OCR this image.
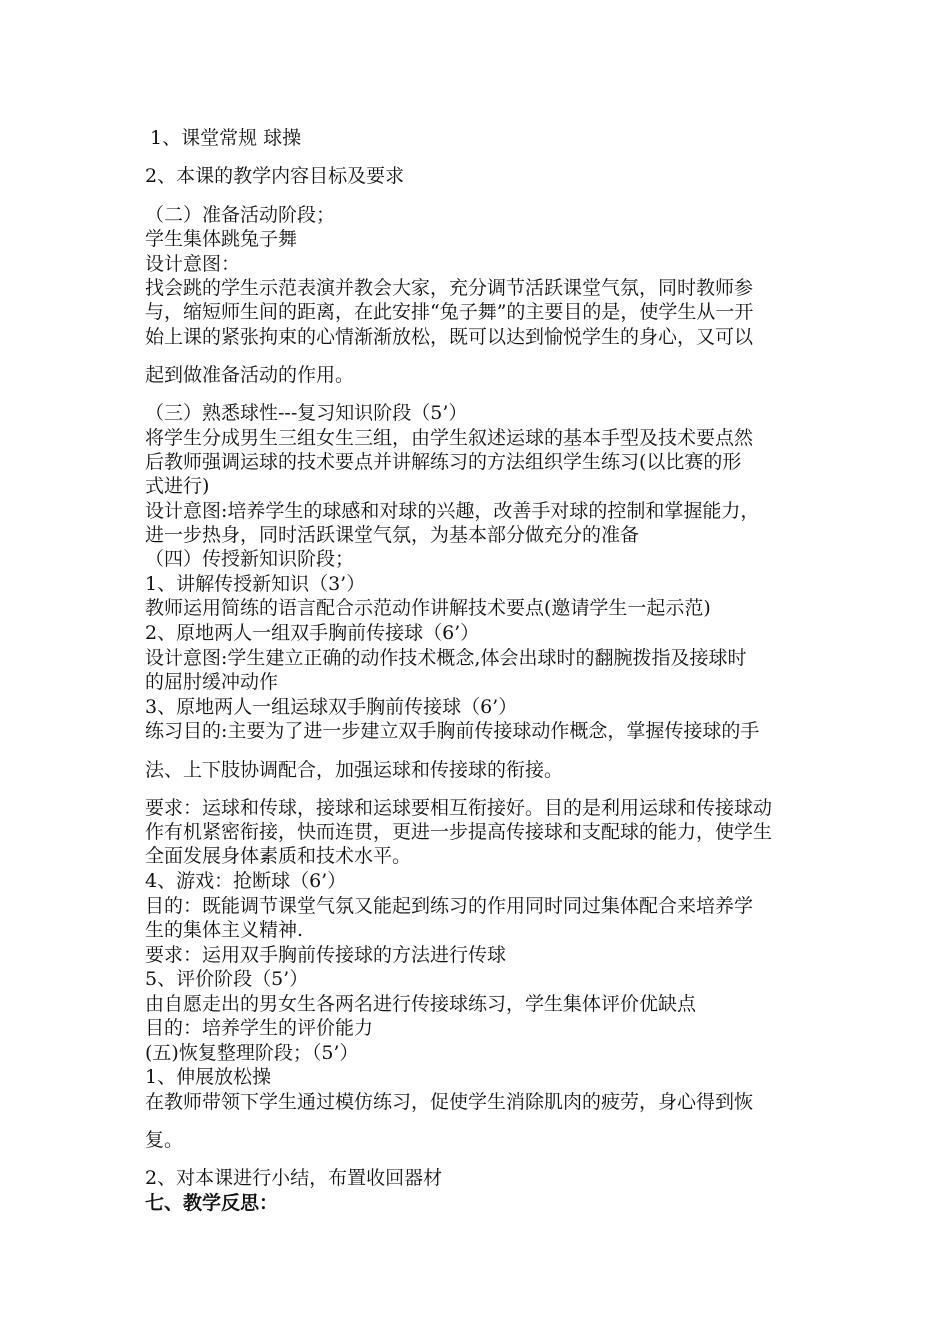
1、课堂常规 球操
2、本课的教学内容目标及要求
（二）准备活动阶段；
学生集体跳兔子舞
设计意图：
找会跳的学生示范表演并教会大家，充分调节活跃课堂气氛，同时教师参
与，缩短师生间的距离，在此安排“兔子舞”的主要目的是，使学生从一开
始上课的紧张拘束的心情渐渐放松，既可以达到愉悦学生的身心，又可以
起到做准备活动的作用。
（三）熟悉球性---复习知识阶段（5’）
将学生分成男生三组女生三组，由学生叙述运球的基本手型及技术要点然
后教师强调运球的技术要点并讲解练习的方法组织学生练习(以比赛的形
式进行)
设计意图:培养学生的球感和对球的兴趣，改善手对球的控制和掌握能力，
进一步热身，同时活跃课堂气氛，为基本部分做充分的准备
（四）传授新知识阶段；
1、讲解传授新知识（3’）
教师运用简练的语言配合示范动作讲解技术要点(邀请学生一起示范)
2、原地两人一组双手胸前传接球（6’）
设计意图:学生建立正确的动作技术概念,体会出球时的翻腕拨指及接球时
的屈肘缓冲动作
3、原地两人一组运球双手胸前传接球（6’）
练习目的:主要为了进一步建立双手胸前传接球动作概念，掌握传接球的手
法、上下肢协调配合，加强运球和传接球的衔接。
要求：运球和传球，接球和运球要相互衔接好。目的是利用运球和传接球动
作有机紧密衔接，快而连贯，更进一步提高传接球和支配球的能力，使学生
全面发展身体素质和技术水平。
4、游戏：抢断球（6’）
目的：既能调节课堂气氛又能起到练习的作用同时同过集体配合来培养学
生的集体主义精神.
要求：运用双手胸前传接球的方法进行传球
5、评价阶段（5’）
由自愿走出的男女生各两名进行传接球练习，学生集体评价优缺点
目的：培养学生的评价能力
(五)恢复整理阶段；（5’）
1、伸展放松操
在教师带领下学生通过模仿练习，促使学生消除肌肉的疲劳，身心得到恢
复。
2、对本课进行小结，布置收回器材
七、教学反思：
